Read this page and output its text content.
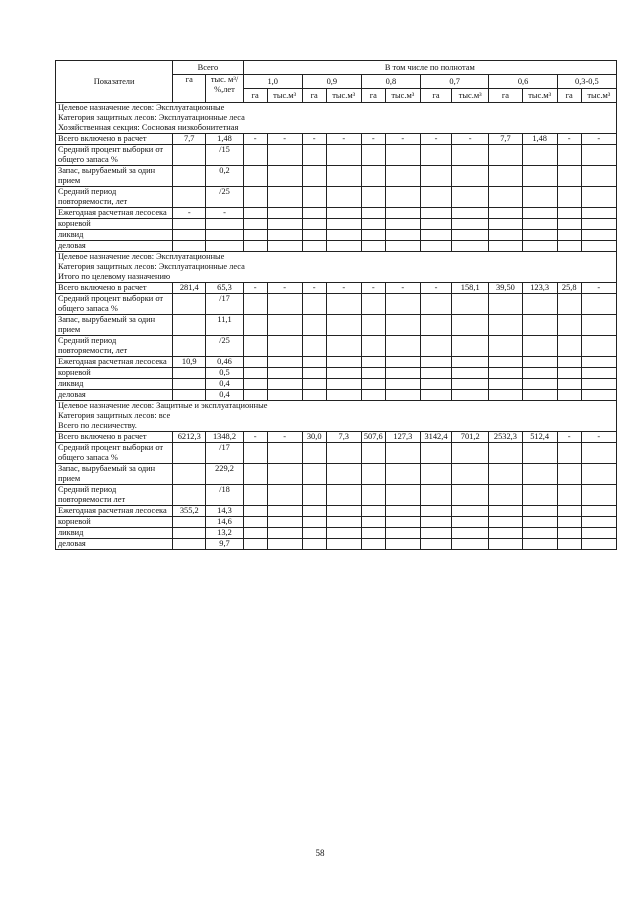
Показатели	Всего		В том числе по полнотам											
	га	тыс. м³/ %,лет	1,0		0,9		0,8		0,7		0,6		0,3-0,5	
			га	тыс.м³	га	тыс.м³	га	тыс.м³	га	тыс.м³	га	тыс.м³	га	тыс.м³

Целевое назначение лесов: Эксплуатационные
Категория защитных лесов: Эксплуатационные леса
Хозяйственная секция: Сосновая низкобонитетная														

Всего включено в расчет	7,7	1,48	-	-	-	-	-	-	-	-	7,7	1,48	-	-
Средний процент выборки от общего запаса %		/15												
Запас, вырубаемый за один прием		0,2												
Средний период повторяемости, лет		/25												
Ежегодная расчетная лесосека	-	-												
корневой														
ликвид														
деловая														

Целевое назначение лесов: Эксплуатационные
Категория защитных лесов: Эксплуатационные леса
Итого по целевому назначению														

Всего включено в расчет	281,4	65,3	-	-	-	-	-	-	-	158,1	39,50	123,3	25,8	-
Средний процент выборки от общего запаса %		/17												
Запас, вырубаемый за один прием		11,1												
Средний период повторяемости, лет		/25												
Ежегодная расчетная лесосека	10,9	0,46												
корневой		0,5												
ликвид		0,4												
деловая		0,4												

Целевое назначение лесов: Защитные и эксплуатационные
Категория защитных лесов: все
Всего по лесничеству.														

Всего включено в расчет	6212,3	1348,2	-	-	30,0	7,3	507,6	127,3	3142,4	701,2	2532,3	512,4	-	-
Средний процент выборки от общего запаса %		/17												
Запас, вырубаемый за один прием		229,2												
Средний период повторяемости лет		/18												
Ежегодная расчетная лесосека	355,2	14,3												
корневой		14,6												
ликвид		13,2												
деловая		9,7												
58
